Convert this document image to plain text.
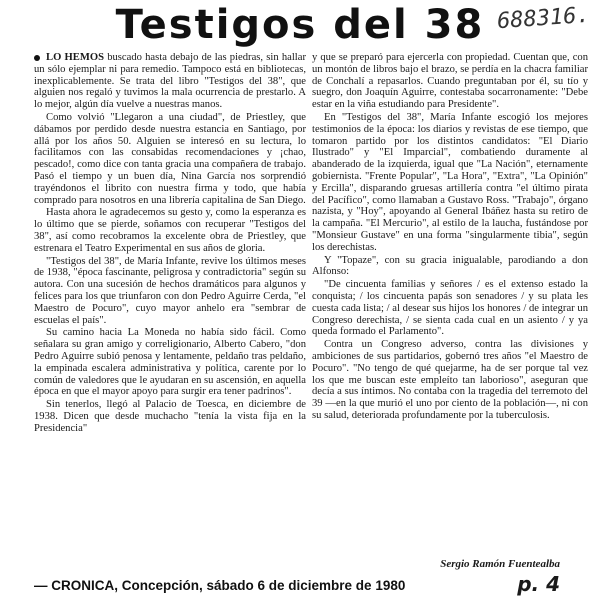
Testigos del 38 688316.

LO HEMOS buscado hasta debajo de las piedras, sin hallar un sólo ejemplar ni para remedio. Tampoco está en bibliotecas, inexplicablemente. Se trata del libro "Testigos del 38", que alguien nos regaló y tuvimos la mala ocurrencia de prestarlo. A lo mejor, algún día vuelve a nuestras manos.

Como volvió "Llegaron a una ciudad", de Priestley, que dábamos por perdido desde nuestra estancia en Santiago, por allá por los años 50. Alguien se interesó en su lectura, lo facilitamos con las consabidas recomendaciones y ¡chao, pescado!, como dice con tanta gracia una compañera de trabajo. Pasó el tiempo y un buen día, Nina García nos sorprendió trayéndonos el librito con nuestra firma y todo, que había comprado para nosotros en una librería capitalina de San Diego.

Hasta ahora le agradecemos su gesto y, como la esperanza es lo último que se pierde, soñamos con recuperar "Testigos del 38", así como recobramos la excelente obra de Priestley, que estrenara el Teatro Experimental en sus años de gloria.

"Testigos del 38", de María Infante, revive los últimos meses de 1938, "época fascinante, peligrosa y contradictoria" según su autora. Con una sucesión de hechos dramáticos para algunos y felices para los que triunfaron con don Pedro Aguirre Cerda, "el Maestro de Pocuro", cuyo mayor anhelo era "sembrar de escuelas el país".

Su camino hacia La Moneda no había sido fácil. Como señalara su gran amigo y correligionario, Alberto Cabero, "don Pedro Aguirre subió penosa y lentamente, peldaño tras peldaño, la empinada escalera administrativa y política, carente por lo común de valedores que le ayudaran en su ascensión, en aquella época en que el mayor apoyo para surgir era tener padrinos".

Sin tenerlos, llegó al Palacio de Toesca, en diciembre de 1938. Dicen que desde muchacho "tenía la vista fija en la Presidencia"

y que se preparó para ejercerla con propiedad. Cuentan que, con un montón de libros bajo el brazo, se perdía en la chacra familiar de Conchalí a repasarlos. Cuando preguntaban por él, su tío y suegro, don Joaquín Aguirre, contestaba socarronamente: "Debe estar en la viña estudiando para Presidente".

En "Testigos del 38", María Infante escogió los mejores testimonios de la época: los diarios y revistas de ese tiempo, que tomaron partido por los distintos candidatos: "El Diario Ilustrado" y "El Imparcial", combatiendo duramente al abanderado de la izquierda, igual que "La Nación", eternamente gobiernista. "Frente Popular", "La Hora", "Extra", "La Opinión" y Ercilla", disparando gruesas artillería contra "el último pirata del Pacífico", como llamaban a Gustavo Ross. "Trabajo", órgano nazista, y "Hoy", apoyando al General Ibáñez hasta su retiro de la campaña. "El Mercurio", al estilo de la lauchа, fustándose por "Monsieur Gustave" en una forma "singularmente tibia", según los derechistas.

Y "Topaze", con su gracia inigualable, parodiando a don Alfonso:

"De cincuenta familias y señores / es el extenso estado la conquista; / los cincuenta papás son senadores / y su plata les cuesta cada lista; / al desear sus hijos los honores / de integrar un Congreso derechista, / se sienta cada cual en un asiento / y ya queda formado el Parlamento".

Contra un Congreso adverso, contra las divisiones y ambiciones de sus partidarios, gobernó tres años "el Maestro de Pocuro". "No tengo de qué quejarme, ha de ser porque tal vez los que me buscan este empleíto tan laborioso", aseguran que decía a sus íntimos. No contaba con la tragedia del terremoto del 39 —en la que murió el uno por ciento de la población—, ni con su salud, deteriorada profundamente por la tuberculosis.

Sergio Ramón Fuentealba
— CRONICA, Concepción, sábado 6 de diciembre de 1980	p. 4
